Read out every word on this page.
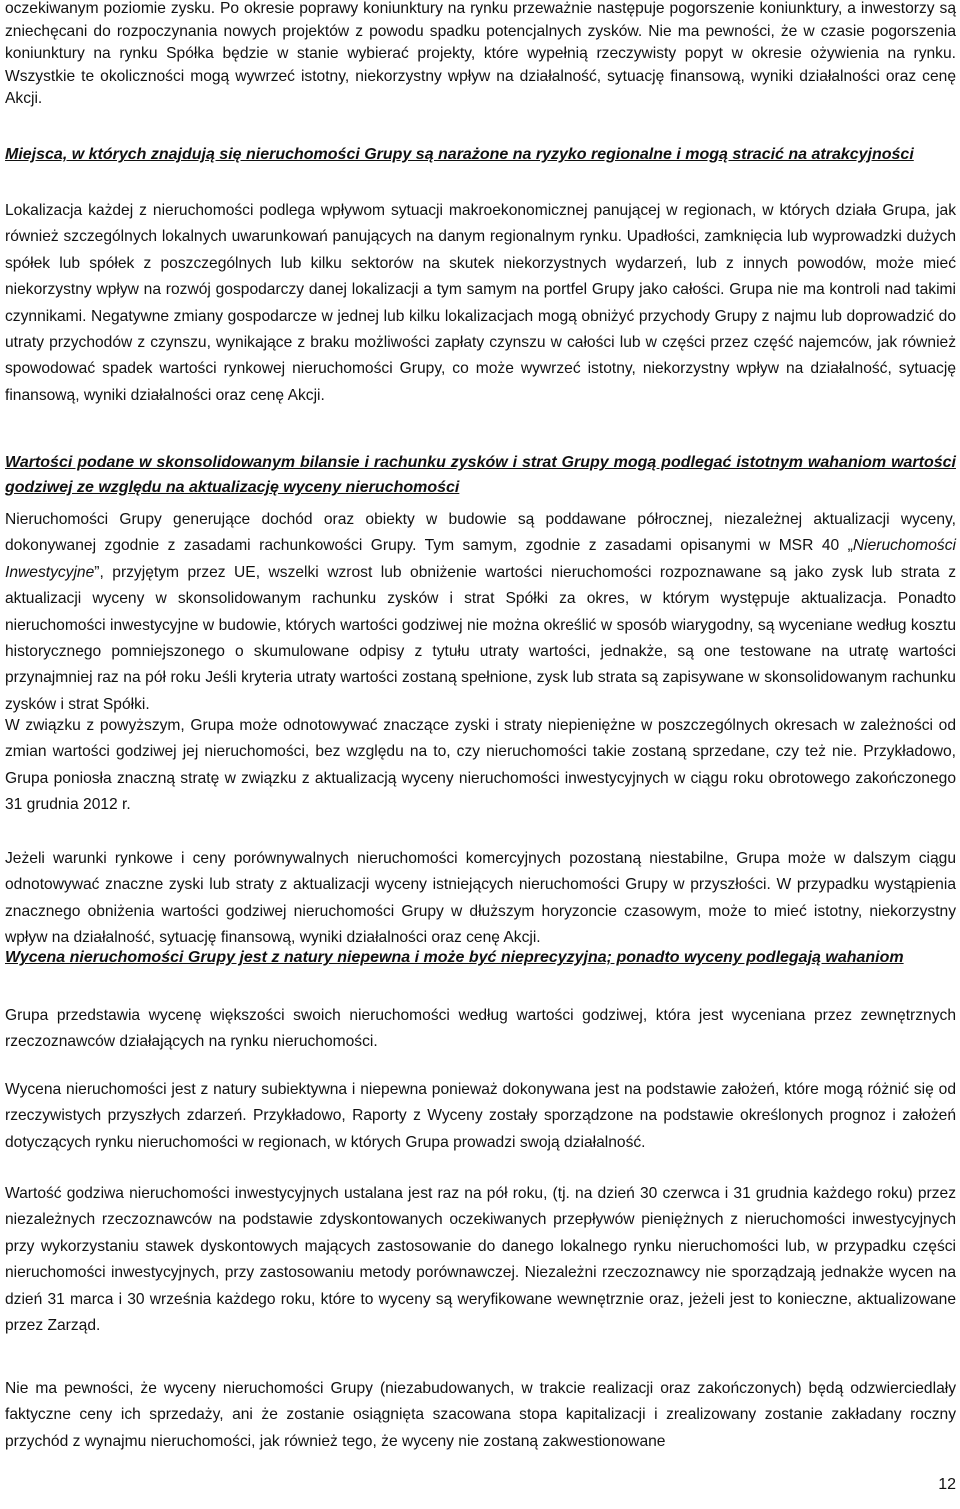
oczekiwanym poziomie zysku. Po okresie poprawy koniunktury na rynku przeważnie następuje pogorszenie koniunktury, a inwestorzy są zniechęcani do rozpoczynania nowych projektów z powodu spadku potencjalnych zysków. Nie ma pewności, że w czasie pogorszenia koniunktury na rynku Spółka będzie w stanie wybierać projekty, które wypełnią rzeczywisty popyt w okresie ożywienia na rynku. Wszystkie te okoliczności mogą wywrzeć istotny, niekorzystny wpływ na działalność, sytuację finansową, wyniki działalności oraz cenę Akcji.

Miejsca, w których znajdują się nieruchomości Grupy są narażone na ryzyko regionalne i mogą stracić na atrakcyjności

Lokalizacja każdej z nieruchomości podlega wpływom sytuacji makroekonomicznej panującej w regionach, w których działa Grupa, jak również szczególnych lokalnych uwarunkowań panujących na danym regionalnym rynku. Upadłości, zamknięcia lub wyprowadzki dużych spółek lub spółek z poszczególnych lub kilku sektorów na skutek niekorzystnych wydarzeń, lub z innych powodów, może mieć niekorzystny wpływ na rozwój gospodarczy danej lokalizacji a tym samym na portfel Grupy jako całości. Grupa nie ma kontroli nad takimi czynnikami. Negatywne zmiany gospodarcze w jednej lub kilku lokalizacjach mogą obniżyć przychody Grupy z najmu lub doprowadzić do utraty przychodów z czynszu, wynikające z braku możliwości zapłaty czynszu w całości lub w części przez część najemców, jak również spowodować spadek wartości rynkowej nieruchomości Grupy, co może wywrzeć istotny, niekorzystny wpływ na działalność, sytuację finansową, wyniki działalności oraz cenę Akcji.

Wartości podane w skonsolidowanym bilansie i rachunku zysków i strat Grupy mogą podlegać istotnym wahaniom wartości godziwej ze względu na aktualizację wyceny nieruchomości

Nieruchomości Grupy generujące dochód oraz obiekty w budowie są poddawane półrocznej, niezależnej aktualizacji wyceny, dokonywanej zgodnie z zasadami rachunkowości Grupy. Tym samym, zgodnie z zasadami opisanymi w MSR 40 „Nieruchomości Inwestycyjne”, przyjętym przez UE, wszelki wzrost lub obniżenie wartości nieruchomości rozpoznawane są jako zysk lub strata z aktualizacji wyceny w skonsolidowanym rachunku zysków i strat Spółki za okres, w którym występuje aktualizacja. Ponadto nieruchomości inwestycyjne w budowie, których wartości godziwej nie można określić w sposób wiarygodny, są wyceniane według kosztu historycznego pomniejszonego o skumulowane odpisy z tytułu utraty wartości, jednakże, są one testowane na utratę wartości przynajmniej raz na pół roku Jeśli kryteria utraty wartości zostaną spełnione, zysk lub strata są zapisywane w skonsolidowanym rachunku zysków i strat Spółki.

W związku z powyższym, Grupa może odnotowywać znaczące zyski i straty niepieniężne w poszczególnych okresach w zależności od zmian wartości godziwej jej nieruchomości, bez względu na to, czy nieruchomości takie zostaną sprzedane, czy też nie. Przykładowo, Grupa poniosła znaczną stratę w związku z aktualizacją wyceny nieruchomości inwestycyjnych w ciągu roku obrotowego zakończonego 31 grudnia 2012 r.

Jeżeli warunki rynkowe i ceny porównywalnych nieruchomości komercyjnych pozostaną niestabilne, Grupa może w dalszym ciągu odnotowywać znaczne zyski lub straty z aktualizacji wyceny istniejących nieruchomości Grupy w przyszłości. W przypadku wystąpienia znacznego obniżenia wartości godziwej nieruchomości Grupy w dłuższym horyzoncie czasowym, może to mieć istotny, niekorzystny wpływ na działalność, sytuację finansową, wyniki działalności oraz cenę Akcji.

Wycena nieruchomości Grupy jest z natury niepewna i może być nieprecyzyjna; ponadto wyceny podlegają wahaniom

Grupa przedstawia wycenę większości swoich nieruchomości według wartości godziwej, która jest wyceniana przez zewnętrznych rzeczoznawców działających na rynku nieruchomości.

Wycena nieruchomości jest z natury subiektywna i niepewna ponieważ dokonywana jest na podstawie założeń, które mogą różnić się od rzeczywistych przyszłych zdarzeń. Przykładowo, Raporty z Wyceny zostały sporządzone na podstawie określonych prognoz i założeń dotyczących rynku nieruchomości w regionach, w których Grupa prowadzi swoją działalność.

Wartość godziwa nieruchomości inwestycyjnych ustalana jest raz na pół roku, (tj. na dzień 30 czerwca i 31 grudnia każdego roku) przez niezależnych rzeczoznawców na podstawie zdyskontowanych oczekiwanych przepływów pieniężnych z nieruchomości inwestycyjnych przy wykorzystaniu stawek dyskontowych mających zastosowanie do danego lokalnego rynku nieruchomości lub, w przypadku części nieruchomości inwestycyjnych, przy zastosowaniu metody porównawczej. Niezależni rzeczoznawcy nie sporządzają jednakże wycen na dzień 31 marca i 30 września każdego roku, które to wyceny są weryfikowane wewnętrznie oraz, jeżeli jest to konieczne, aktualizowane przez Zarząd.

Nie ma pewności, że wyceny nieruchomości Grupy (niezabudowanych, w trakcie realizacji oraz zakończonych) będą odzwierciedlały faktyczne ceny ich sprzedaży, ani że zostanie osiągnięta szacowana stopa kapitalizacji i zrealizowany zostanie zakładany roczny przychód z wynajmu nieruchomości, jak również tego, że wyceny nie zostaną zakwestionowane

12
